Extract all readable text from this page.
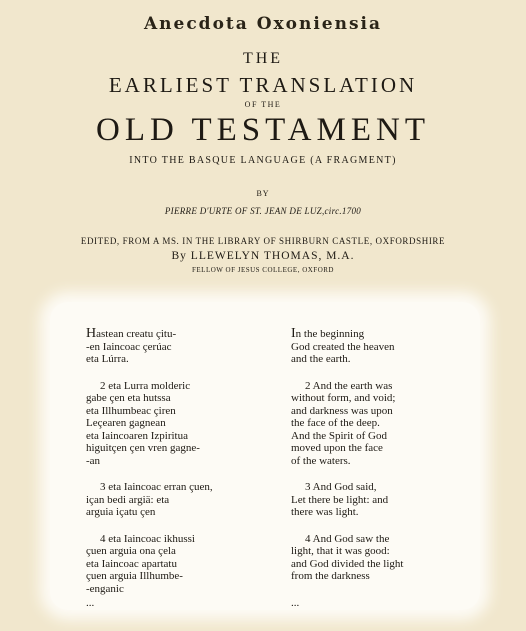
Anecdota Oxoniensia
THE
EARLIEST TRANSLATION
OF THE
OLD TESTAMENT
INTO THE BASQUE LANGUAGE (A FRAGMENT)
BY
PIERRE D'URTE OF ST. JEAN DE LUZ,circ.1700
EDITED, FROM A MS. IN THE LIBRARY OF SHIRBURN CASTLE, OXFORDSHIRE
By LLEWELYN THOMAS, M.A.
FELLOW OF JESUS COLLEGE, OXFORD
Hastean creatu çitu-
-en Iaincoac çerúac
eta Lúrra.
2 eta Lurra molderic
gabe çen eta hutssa
eta Illhumbeac çiren
Leçearen gagnean
eta Iaincoaren Izpiritua
higuitçen çen vren gagne-
-an
3 eta Iaincoac erran çuen,
içan bedi argiä: eta
arguia içatu çen
4 eta Iaincoac ikhussi
çuen arguia ona çela
eta Iaincoac apartatu
çuen arguia Illhumbe-
-enganic
...
In the beginning
God created the heaven
and the earth.
2 And the earth was
without form, and void;
and darkness was upon
the face of the deep.
And the Spirit of God
moved upon the face
of the waters.
3 And God said,
Let there be light: and
there was light.
4 And God saw the
light, that it was good:
and God divided the light
from the darkness
...
